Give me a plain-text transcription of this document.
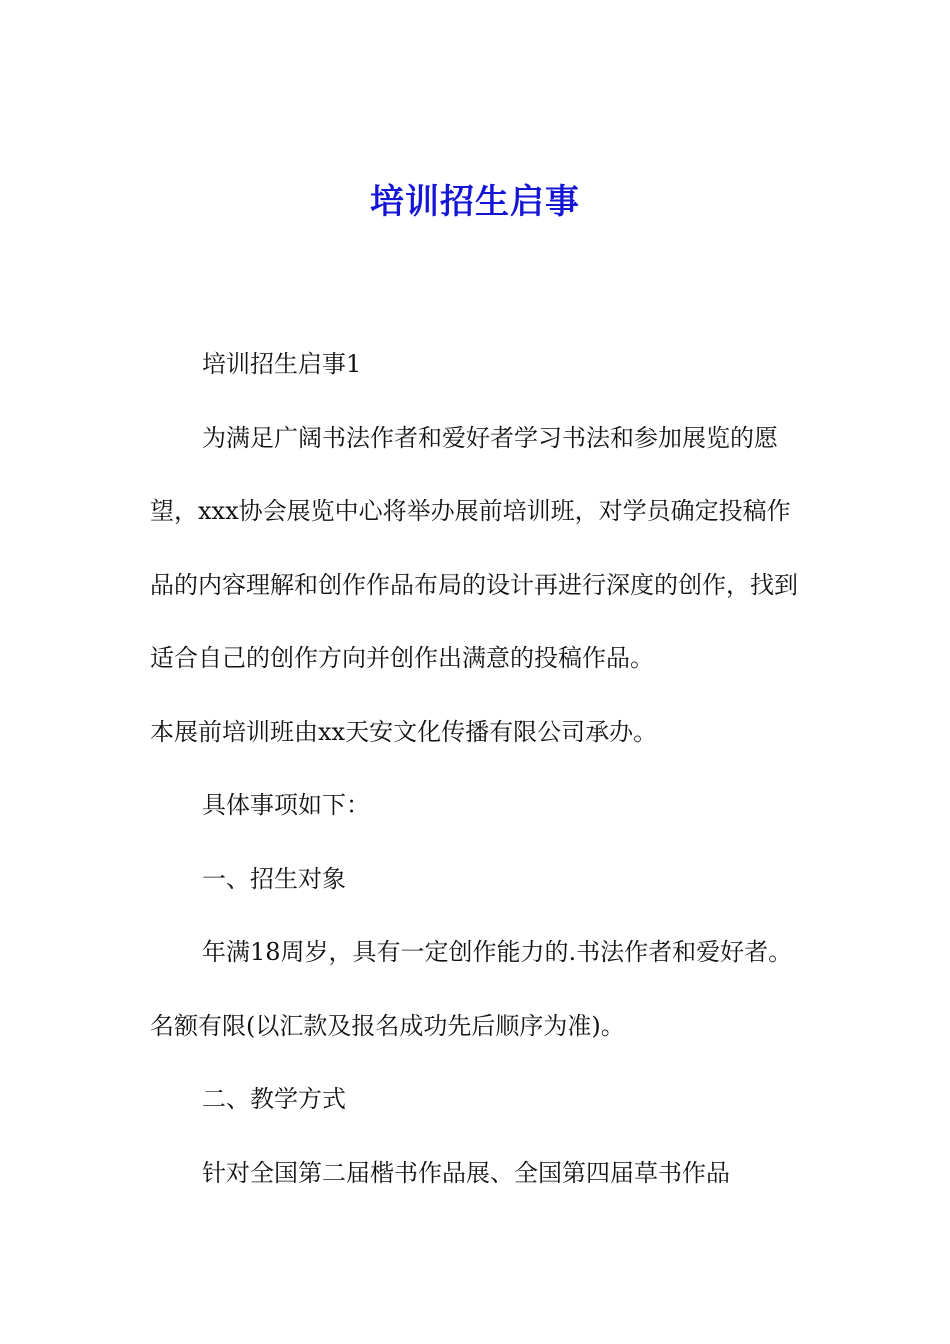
培训招生启事

培训招生启事1

为满足广阔书法作者和爱好者学习书法和参加展览的愿望，xxx协会展览中心将举办展前培训班，对学员确定投稿作品的内容理解和创作作品布局的设计再进行深度的创作，找到适合自己的创作方向并创作出满意的投稿作品。

本展前培训班由xx天安文化传播有限公司承办。

具体事项如下：

一、招生对象

年满18周岁，具有一定创作能力的.书法作者和爱好者。名额有限(以汇款及报名成功先后顺序为准)。

二、教学方式

针对全国第二届楷书作品展、全国第四届草书作品
